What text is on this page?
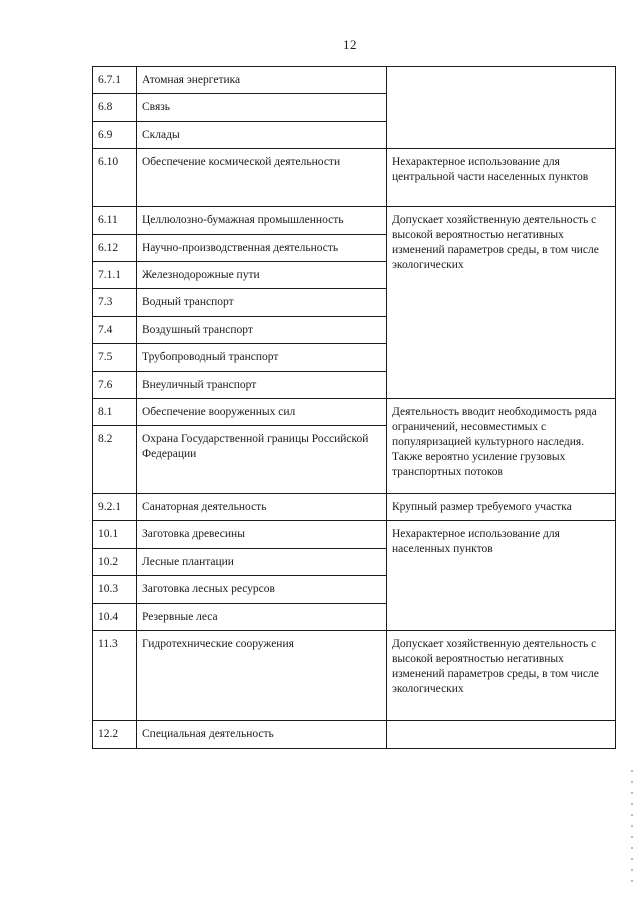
12
6.7.1	Атомная энергетика	
6.8	Связь	
6.9	Склады	
6.10	Обеспечение космической деятельности	Нехарактерное использование для центральной части населенных пунктов
6.11	Целлюлозно-бумажная промышленность	Допускает хозяйственную деятельность с высокой вероятностью негативных изменений параметров среды, в том числе экологических
6.12	Научно-производственная деятельность	
7.1.1	Железнодорожные пути	
7.3	Водный транспорт	
7.4	Воздушный транспорт	
7.5	Трубопроводный транспорт	
7.6	Внеуличный транспорт	
8.1	Обеспечение вооруженных сил	Деятельность вводит необходимость ряда ограничений, несовместимых с популяризацией культурного наследия. Также вероятно усиление грузовых транспортных потоков
8.2	Охрана Государственной границы Российской Федерации	
9.2.1	Санаторная деятельность	Крупный размер требуемого участка
10.1	Заготовка древесины	Нехарактерное использование для населенных пунктов
10.2	Лесные плантации	
10.3	Заготовка лесных ресурсов	
10.4	Резервные леса	
11.3	Гидротехнические сооружения	Допускает хозяйственную деятельность с высокой вероятностью негативных изменений параметров среды, в том числе экологических
12.2	Специальная деятельность	
